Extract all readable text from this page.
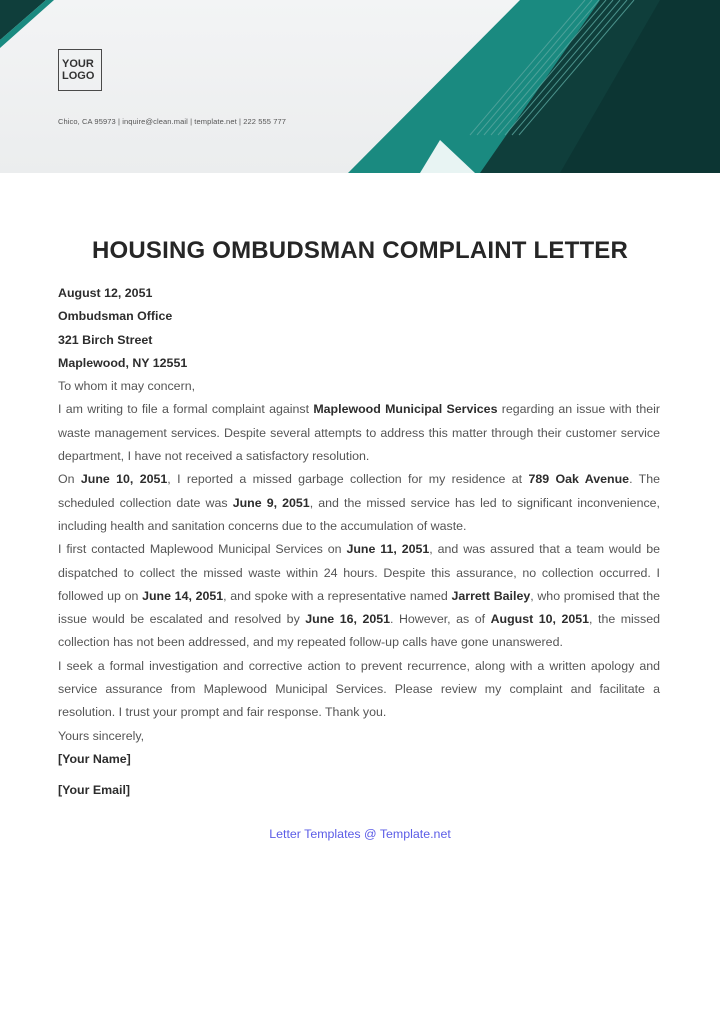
YOUR LOGO
Chico, CA 95973 | inquire@clean.mail | template.net | 222 555 777
HOUSING OMBUDSMAN COMPLAINT LETTER

August 12, 2051

Ombudsman Office

321 Birch Street

Maplewood, NY 12551

To whom it may concern,

I am writing to file a formal complaint against Maplewood Municipal Services regarding an issue with their waste management services. Despite several attempts to address this matter through their customer service department, I have not received a satisfactory resolution.

On June 10, 2051, I reported a missed garbage collection for my residence at 789 Oak Avenue. The scheduled collection date was June 9, 2051, and the missed service has led to significant inconvenience, including health and sanitation concerns due to the accumulation of waste.

I first contacted Maplewood Municipal Services on June 11, 2051, and was assured that a team would be dispatched to collect the missed waste within 24 hours. Despite this assurance, no collection occurred. I followed up on June 14, 2051, and spoke with a representative named Jarrett Bailey, who promised that the issue would be escalated and resolved by June 16, 2051. However, as of August 10, 2051, the missed collection has not been addressed, and my repeated follow-up calls have gone unanswered.

I seek a formal investigation and corrective action to prevent recurrence, along with a written apology and service assurance from Maplewood Municipal Services. Please review my complaint and facilitate a resolution. I trust your prompt and fair response. Thank you.

Yours sincerely,

[Your Name]

[Your Email]

Letter Templates @ Template.net
